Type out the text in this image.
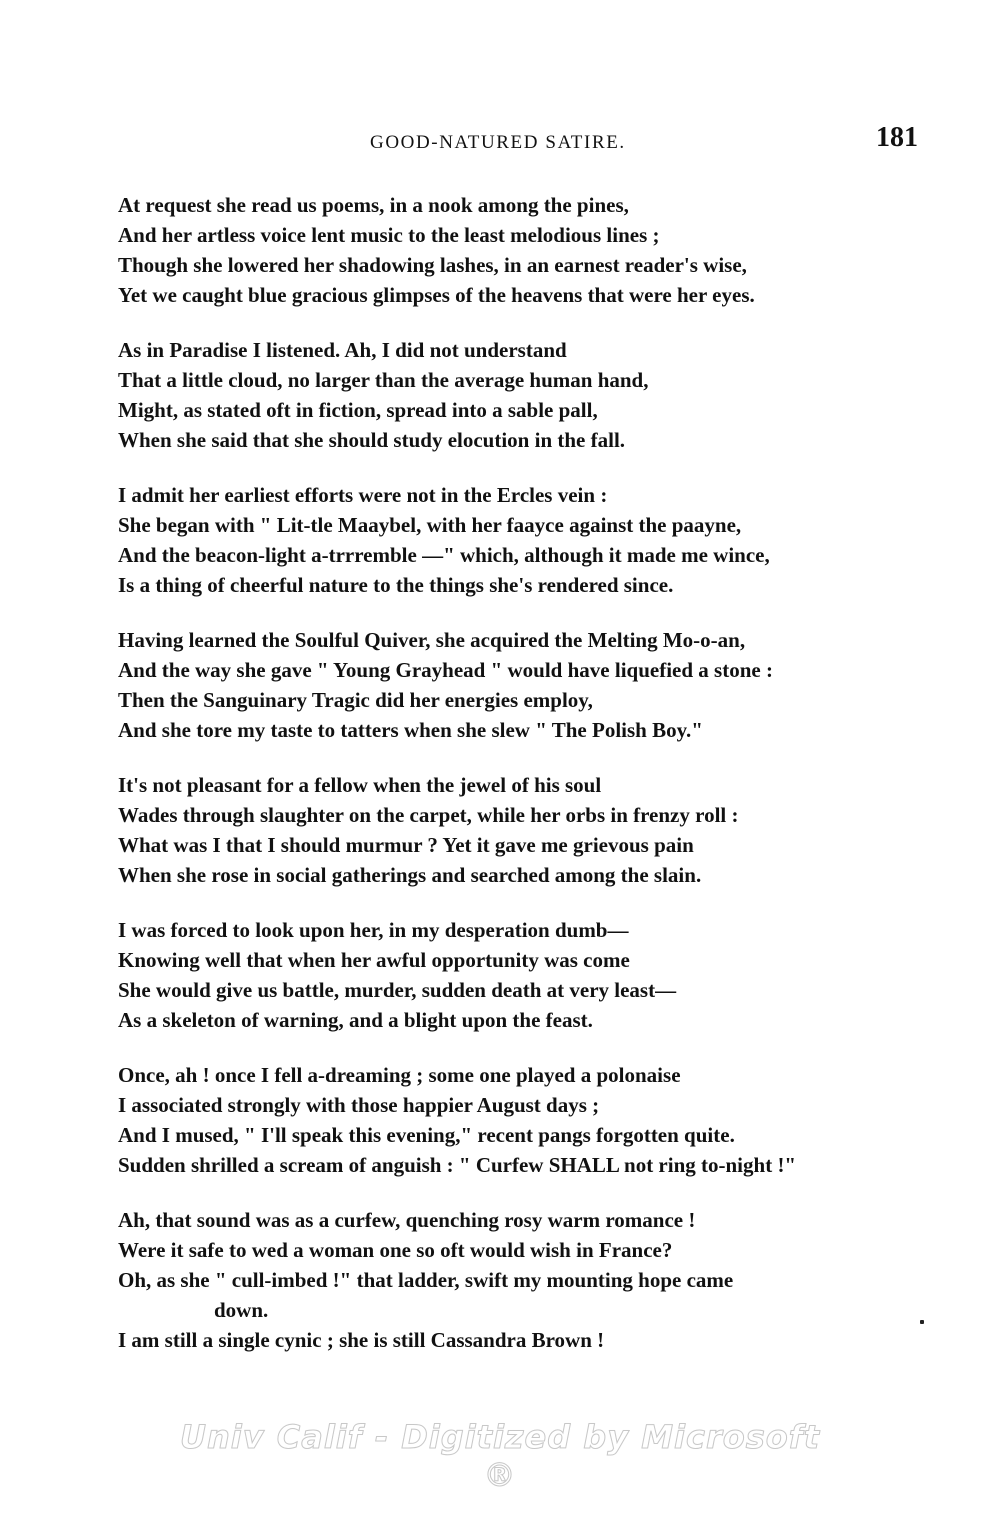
GOOD-NATURED SATIRE.	181
At request she read us poems, in a nook among the pines,
And her artless voice lent music to the least melodious lines ;
Though she lowered her shadowing lashes, in an earnest reader's wise,
Yet we caught blue gracious glimpses of the heavens that were her eyes.
As in Paradise I listened. Ah, I did not understand
That a little cloud, no larger than the average human hand,
Might, as stated oft in fiction, spread into a sable pall,
When she said that she should study elocution in the fall.
I admit her earliest efforts were not in the Ercles vein :
She began with " Lit-tle Maaybel, with her faayce against the paayne,
And the beacon-light a-trrremble —" which, although it made me wince,
Is a thing of cheerful nature to the things she's rendered since.
Having learned the Soulful Quiver, she acquired the Melting Mo-o-an,
And the way she gave " Young Grayhead " would have liquefied a stone :
Then the Sanguinary Tragic did her energies employ,
And she tore my taste to tatters when she slew " The Polish Boy."
It's not pleasant for a fellow when the jewel of his soul
Wades through slaughter on the carpet, while her orbs in frenzy roll :
What was I that I should murmur ? Yet it gave me grievous pain
When she rose in social gatherings and searched among the slain.
I was forced to look upon her, in my desperation dumb—
Knowing well that when her awful opportunity was come
She would give us battle, murder, sudden death at very least—
As a skeleton of warning, and a blight upon the feast.
Once, ah ! once I fell a-dreaming ; some one played a polonaise
I associated strongly with those happier August days ;
And I mused, " I'll speak this evening," recent pangs forgotten quite.
Sudden shrilled a scream of anguish : " Curfew SHALL not ring to-night !"
Ah, that sound was as a curfew, quenching rosy warm romance !
Were it safe to wed a woman one so oft would wish in France?
Oh, as she " cull-imbed !" that ladder, swift my mounting hope came
down.
I am still a single cynic ; she is still Cassandra Brown !
Univ Calif - Digitized by Microsoft ®
